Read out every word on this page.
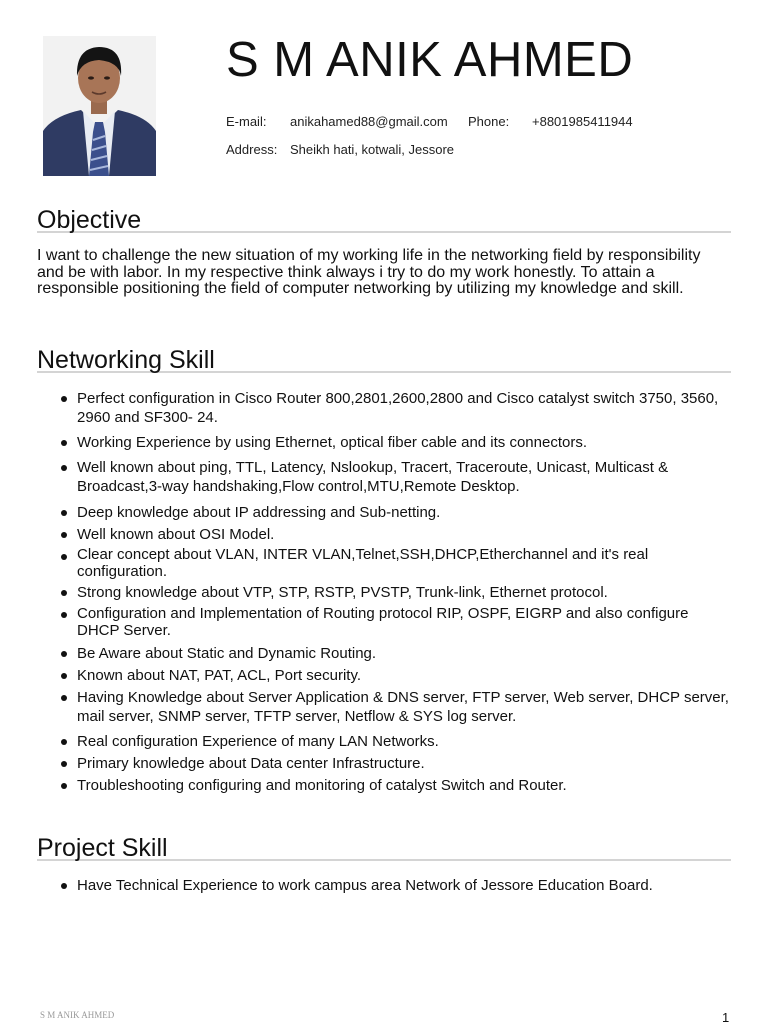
S M ANIK AHMED
E-mail: anikahamed88@gmail.com Phone: +8801985411944
Address: Sheikh hati, kotwali, Jessore
Objective

I want to challenge the new situation of my working life in the networking field by responsibility and be with labor. In my respective think always i try to do my work honestly. To attain a responsible positioning the field of computer networking by utilizing my knowledge and skill.

Networking Skill
Perfect configuration in Cisco Router 800,2801,2600,2800 and Cisco catalyst switch 3750, 3560, 2960 and SF300- 24.
Working Experience by using Ethernet, optical fiber cable and its connectors.
Well known about ping, TTL, Latency, Nslookup, Tracert, Traceroute, Unicast, Multicast & Broadcast,3-way handshaking,Flow control,MTU,Remote Desktop.
Deep knowledge about IP addressing and Sub-netting.
Well known about OSI Model.
Clear concept about VLAN, INTER VLAN,Telnet,SSH,DHCP,Etherchannel and it's real configuration.
Strong knowledge about VTP, STP, RSTP, PVSTP, Trunk-link, Ethernet protocol.
Configuration and Implementation of Routing protocol RIP, OSPF, EIGRP and also configure DHCP Server.
Be Aware about Static and Dynamic Routing.
Known about NAT, PAT, ACL, Port security.
Having Knowledge about Server Application & DNS server, FTP server, Web server, DHCP server, mail server, SNMP server, TFTP server, Netflow & SYS log server.
Real configuration Experience of many LAN Networks.
Primary knowledge about Data center Infrastructure.
Troubleshooting configuring and monitoring of catalyst Switch and Router.
Project Skill
Have Technical Experience to work campus area Network of Jessore Education Board.
S M ANIK AHMED	1
